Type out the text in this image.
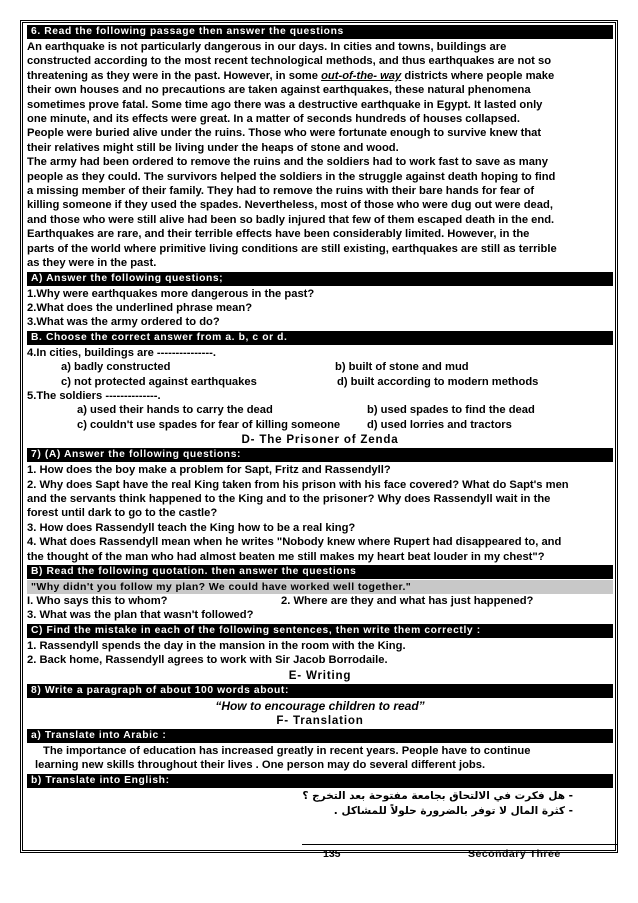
6. Read the following passage then answer the questions
An earthquake is not particularly dangerous in our days. In cities and towns, buildings are
constructed according to the most recent technological methods, and thus earthquakes are not so
threatening as they were in the past. However, in some out-of-the- way districts where people make
their own houses and no precautions are taken against earthquakes, these natural phenomena
sometimes prove fatal. Some time ago there was a destructive earthquake in Egypt. It lasted only
one minute, and its effects were great. In a matter of seconds hundreds of houses collapsed.
People were buried alive under the ruins. Those who were fortunate enough to survive knew that
their relatives might still be living under the heaps of stone and wood.
The army had been ordered to remove the ruins and the soldiers had to work fast to save as many
people as they could. The survivors helped the soldiers in the struggle against death hoping to find
a missing member of their family. They had to remove the ruins with their bare hands for fear of
killing someone if they used the spades. Nevertheless, most of those who were dug out were dead,
and those who were still alive had been so badly injured that few of them escaped death in the end.
Earthquakes are rare, and their terrible effects have been considerably limited. However, in the
parts of the world where primitive living conditions are still existing, earthquakes are still as terrible
as they were in the past.
A) Answer the following questions;
1.Why were earthquakes more dangerous in the past?
2.What does the underlined phrase mean?
3.What was the army ordered to do?
B. Choose the correct answer from a. b, c or d.
4.In cities, buildings are ---------------.
a) badly constructed	b) built of stone and mud
c) not protected against earthquakes	d) built according to modern methods
5.The soldiers --------------.
a) used their hands to carry the dead	b) used spades to find the dead
c) couldn't use spades for fear of killing someone	d) used lorries and tractors
D- The Prisoner of Zenda
7) (A) Answer the following questions:
1. How does the boy make a problem for Sapt, Fritz and Rassendyll?
2. Why does Sapt have the real King taken from his prison with his face covered? What do Sapt's men
and the servants think happened to the King and to the prisoner? Why does Rassendyll wait in the
forest until dark to go to the castle?
3. How does Rassendyll teach the King how to be a real king?
4. What does Rassendyll mean when he writes "Nobody knew where Rupert had disappeared to, and
the thought of the man who had almost beaten me still makes my heart beat louder in my chest"?
B) Read the following quotation. then answer the questions
"Why didn't you follow my plan? We could have worked well together."
I. Who says this to whom?	2. Where are they and what has just happened?
3. What was the plan that wasn't followed?
C) Find the mistake in each of the following sentences, then write them correctly :
1. Rassendyll spends the day in the mansion in the room with the King.
2. Back home, Rassendyll agrees to work with Sir Jacob Borrodaile.
E- Writing
8) Write a paragraph of about 100 words about:
“How to encourage children to read”
F- Translation
a) Translate into Arabic :
The importance of education has increased greatly in recent years. People have to continue
learning new skills throughout their lives . One person may do several different jobs.
b) Translate into English:
- هل فكرت في الالتحاق بجامعة مفتوحة بعد التخرج ؟
- كثرة المال لا توفر بالضرورة حلولاً للمشاكل .
135	Secondary Three
